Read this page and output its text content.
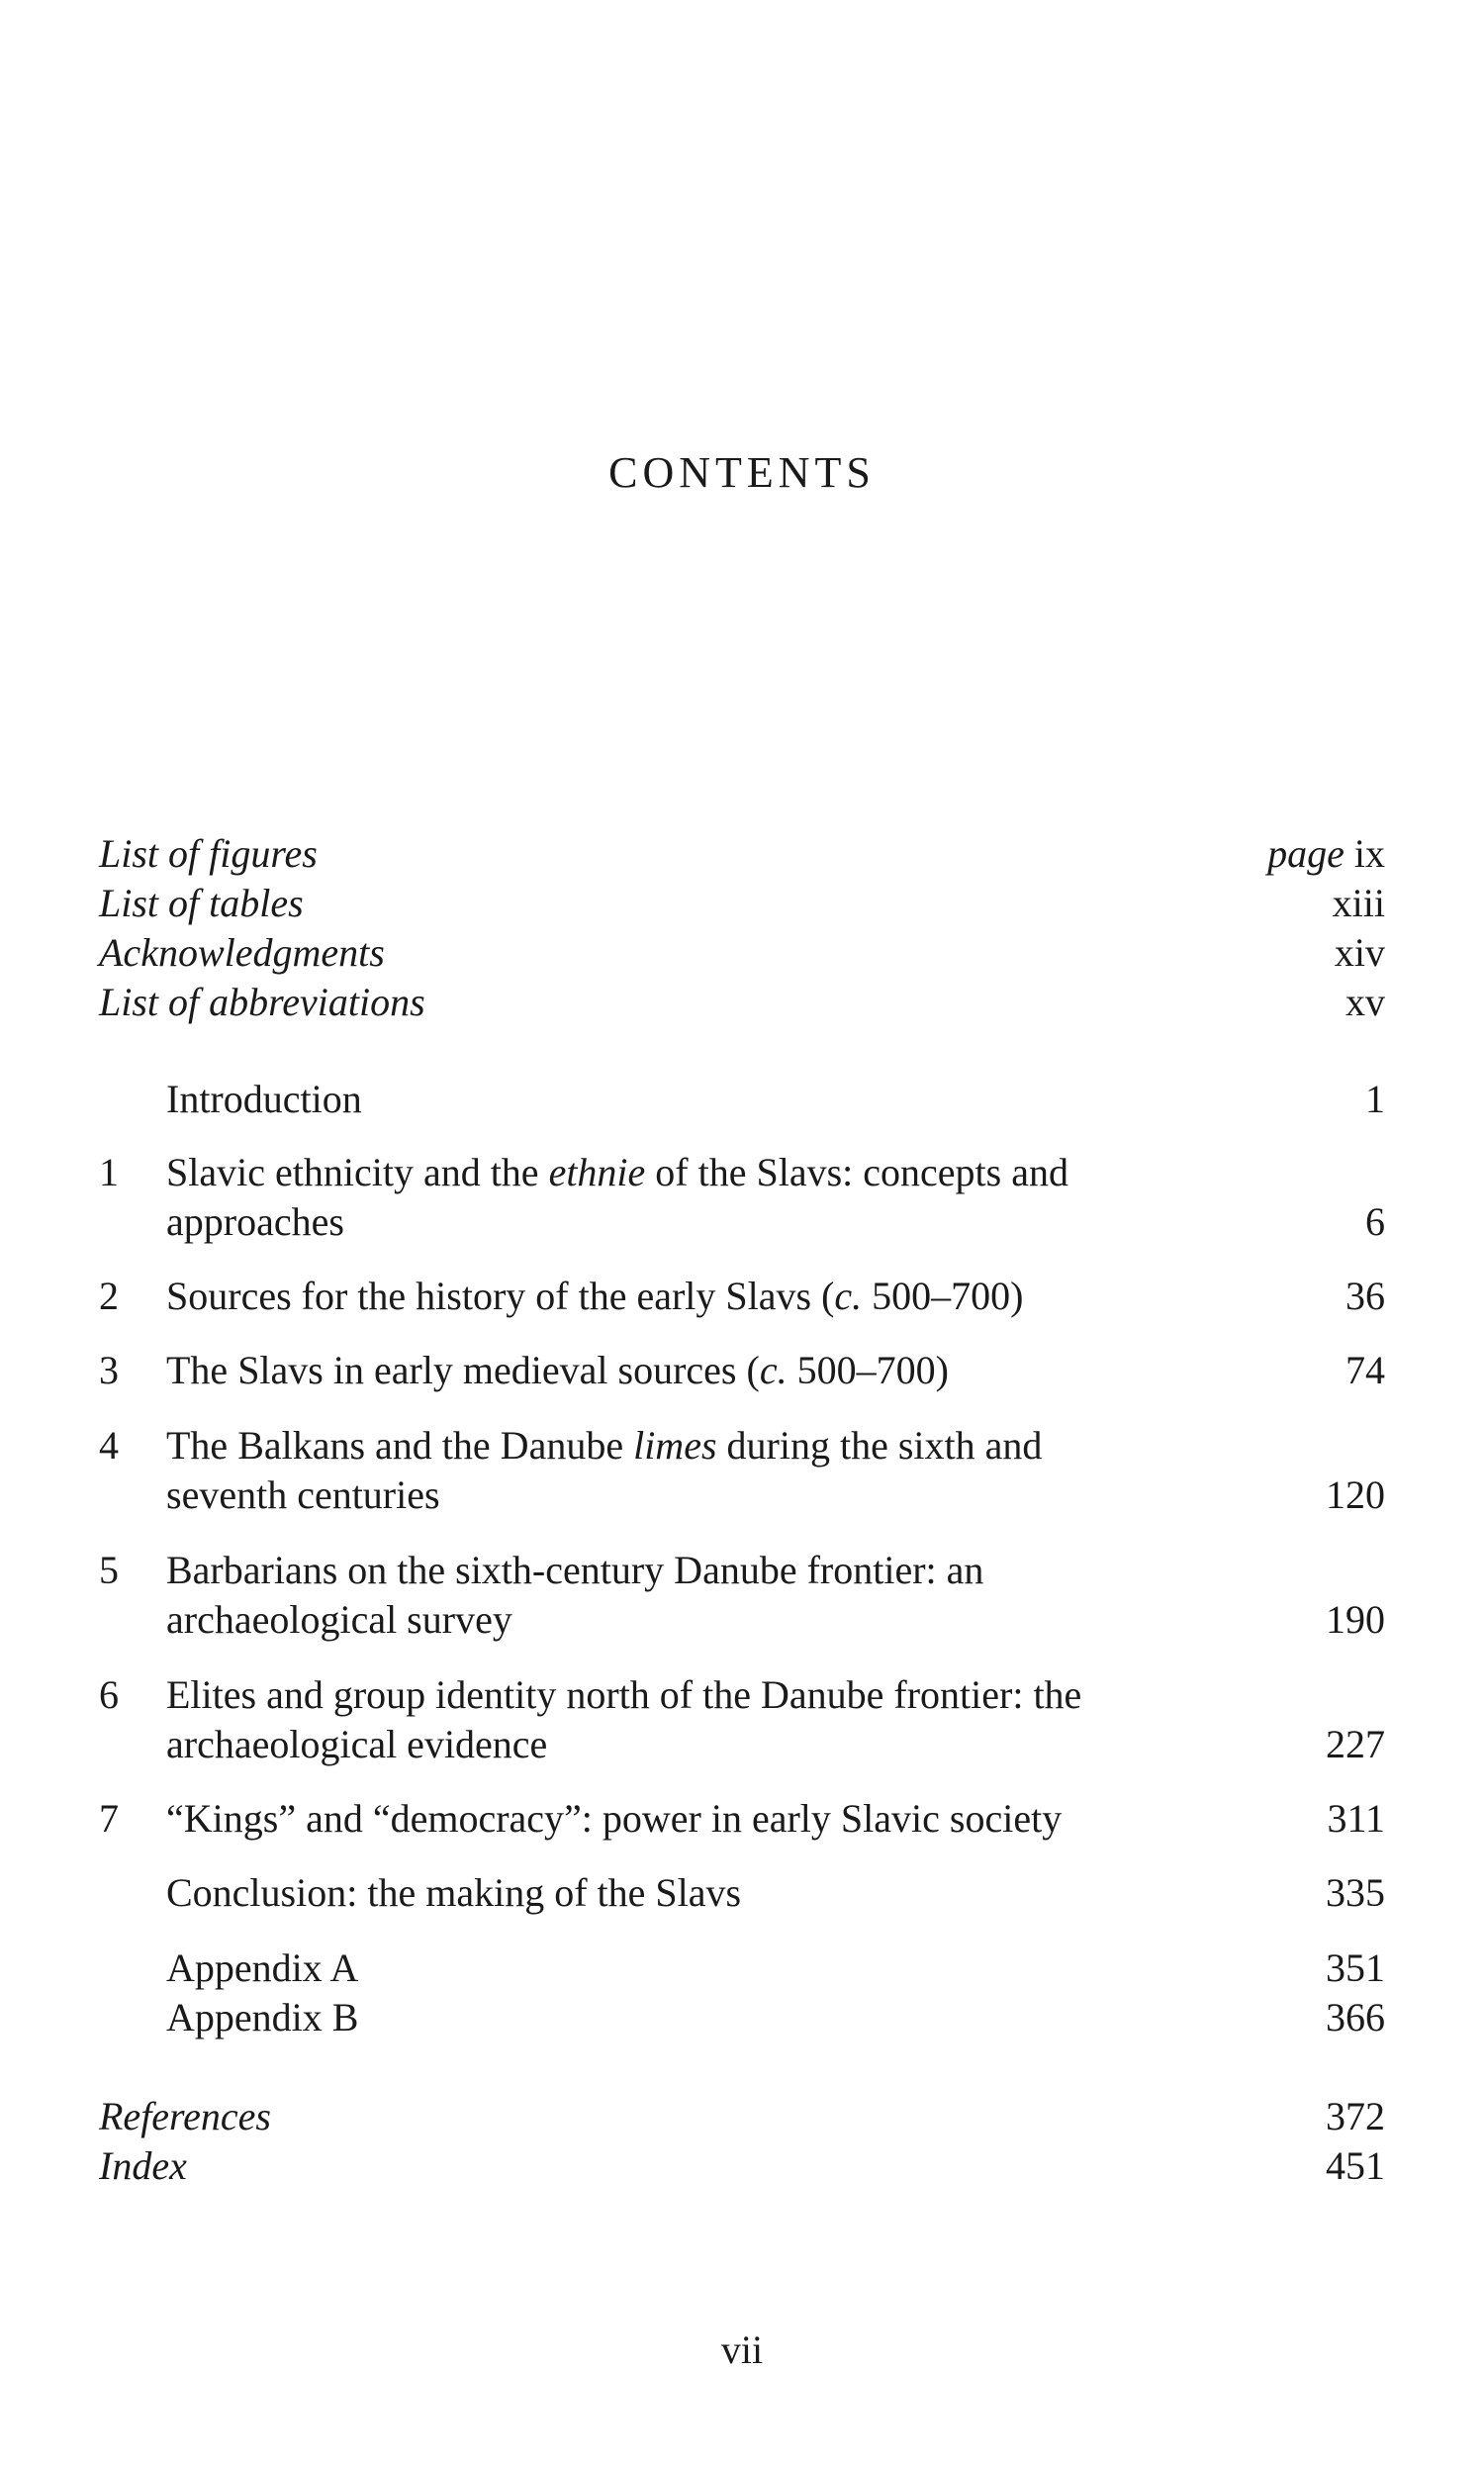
CONTENTS
List of figures	page ix
List of tables	xiii
Acknowledgments	xiv
List of abbreviations	xv
Introduction	1
1 Slavic ethnicity and the ethnie of the Slavs: concepts and
approaches	6
2 Sources for the history of the early Slavs (c. 500–700)	36
3 The Slavs in early medieval sources (c. 500–700)	74
4 The Balkans and the Danube limes during the sixth and
seventh centuries	120
5 Barbarians on the sixth-century Danube frontier: an
archaeological survey	190
6 Elites and group identity north of the Danube frontier: the
archaeological evidence	227
7 “Kings” and “democracy”: power in early Slavic society	311
Conclusion: the making of the Slavs	335
Appendix A	351
Appendix B	366
References	372
Index	451
vii
